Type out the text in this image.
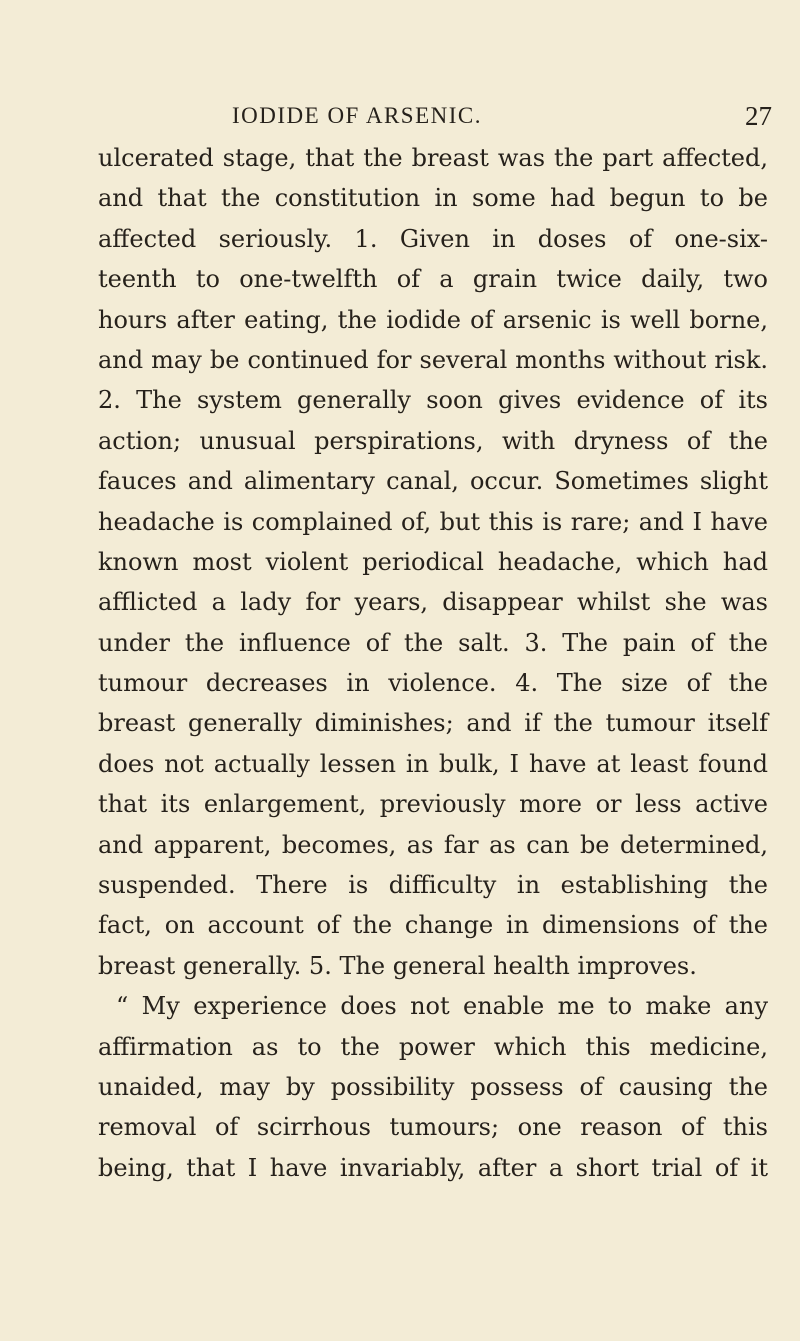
IODIDE OF ARSENIC.	27
ulcerated stage, that the breast was the part affected,
and that the constitution in some had begun to be
affected seriously. 1. Given in doses of one-six-
teenth to one-twelfth of a grain twice daily, two
hours after eating, the iodide of arsenic is well borne,
and may be continued for several months without risk.
2. The system generally soon gives evidence of its
action; unusual perspirations, with dryness of the
fauces and alimentary canal, occur. Sometimes slight
headache is complained of, but this is rare; and I have
known most violent periodical headache, which had
afflicted a lady for years, disappear whilst she was
under the influence of the salt. 3. The pain of the
tumour decreases in violence. 4. The size of the
breast generally diminishes; and if the tumour itself
does not actually lessen in bulk, I have at least found
that its enlargement, previously more or less active
and apparent, becomes, as far as can be determined,
suspended. There is difficulty in establishing the
fact, on account of the change in dimensions of the
breast generally. 5. The general health improves.
“ My experience does not enable me to make any
affirmation as to the power which this medicine,
unaided, may by possibility possess of causing the
removal of scirrhous tumours; one reason of this
being, that I have invariably, after a short trial of it
